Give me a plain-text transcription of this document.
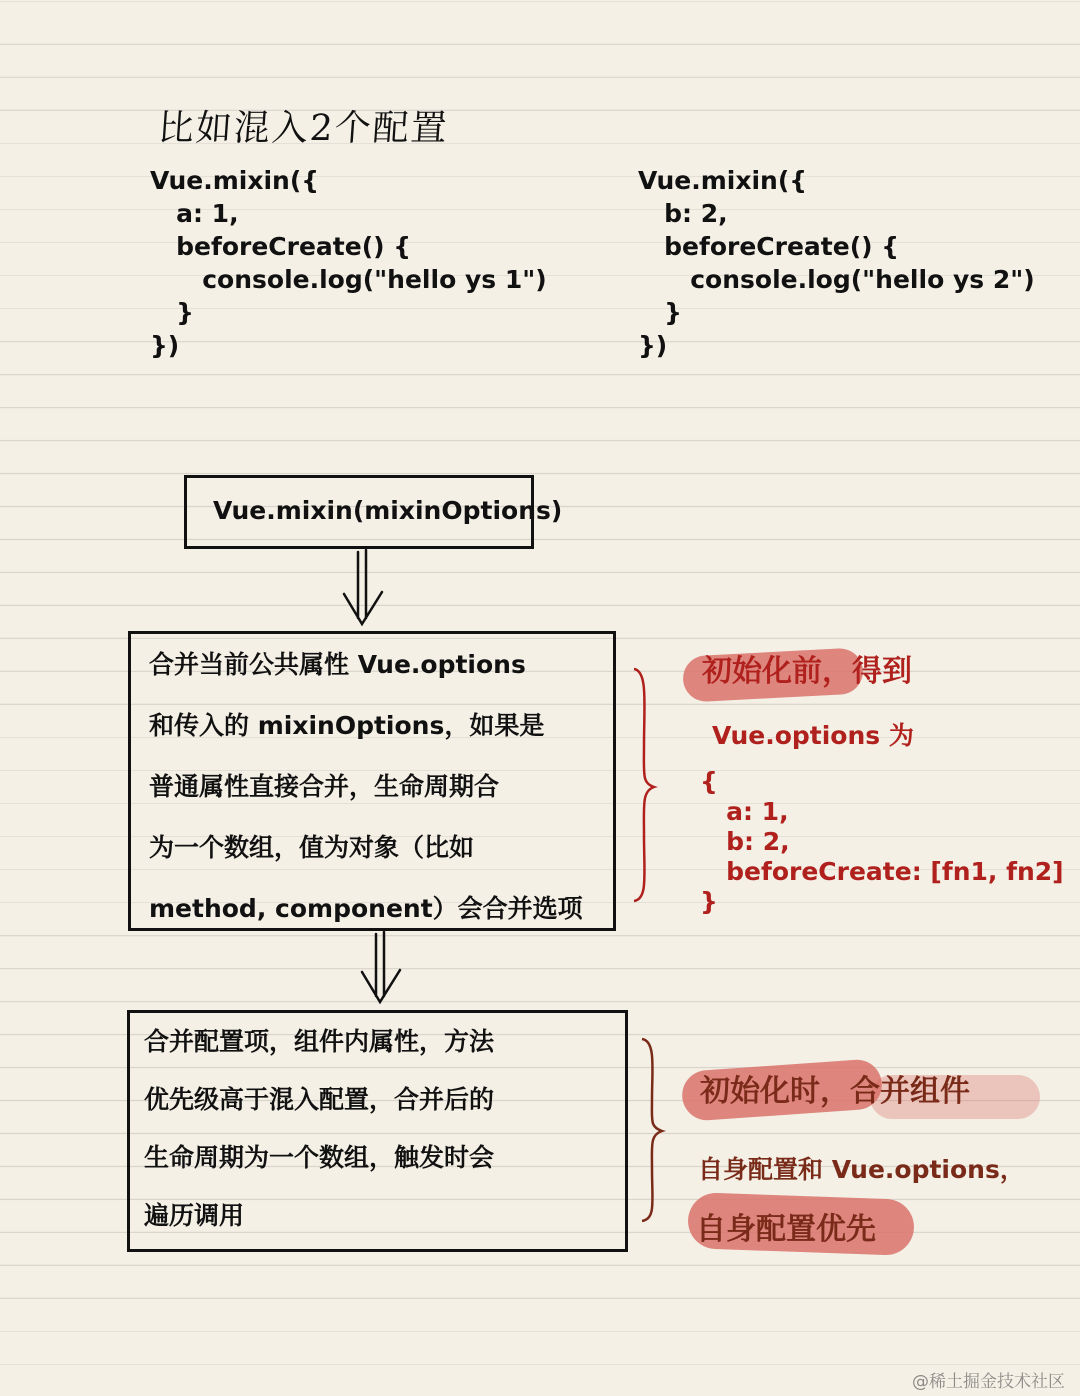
比如混入2个配置
Vue.mixin({
a: 1,
beforeCreate() {
console.log("hello ys 1")
}
})
Vue.mixin({
b: 2,
beforeCreate() {
console.log("hello ys 2")
}
})
Vue.mixin(mixinOptions)
合并当前公共属性 Vue.options
和传入的 mixinOptions，如果是
普通属性直接合并，生命周期合
为一个数组，值为对象（比如
method, component）会合并选项
合并配置项，组件内属性，方法
优先级高于混入配置，合并后的
生命周期为一个数组，触发时会
遍历调用
初始化前，得到
Vue.options 为
{
a: 1,
b: 2,
beforeCreate: [fn1, fn2]
}
初始化时，合并组件
自身配置和 Vue.options，
自身配置优先
@稀土掘金技术社区
